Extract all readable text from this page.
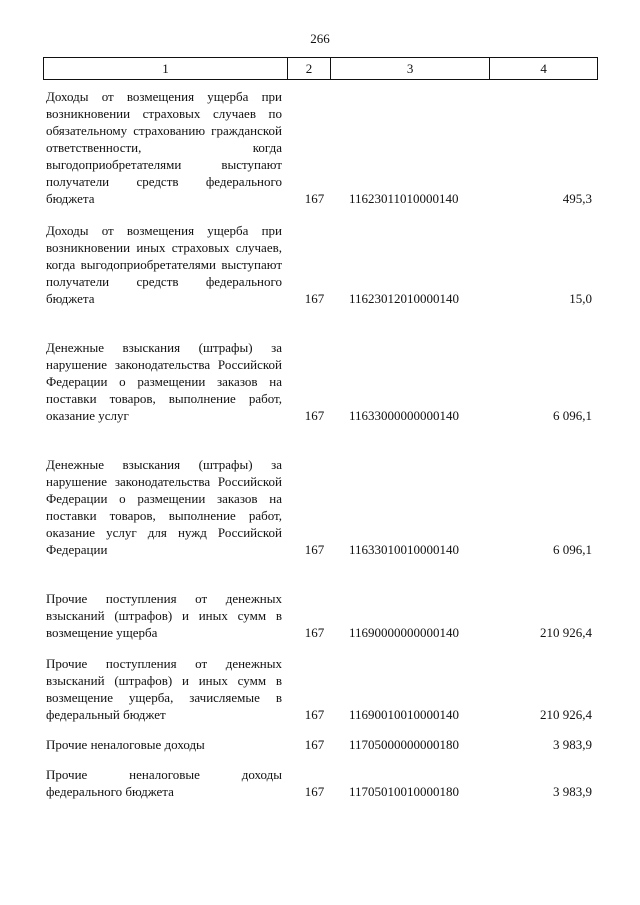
266
1	2	3	4
Доходы от возмещения ущерба при возникновении страховых случаев по обязательному страхованию гражданской ответственности, когда выгодоприобретателями выступают получатели средств федерального бюджета	167	11623011010000140	495,3
Доходы от возмещения ущерба при возникновении иных страховых случаев, когда выгодоприобретателями выступают получатели средств федерального бюджета	167	11623012010000140	15,0
Денежные взыскания (штрафы) за нарушение законодательства Российской Федерации о размещении заказов на поставки товаров, выполнение работ, оказание услуг	167	11633000000000140	6 096,1
Денежные взыскания (штрафы) за нарушение законодательства Российской Федерации о размещении заказов на поставки товаров, выполнение работ, оказание услуг для нужд Российской Федерации	167	11633010010000140	6 096,1
Прочие поступления от денежных взысканий (штрафов) и иных сумм в возмещение ущерба	167	11690000000000140	210 926,4
Прочие поступления от денежных взысканий (штрафов) и иных сумм в возмещение ущерба, зачисляемые в федеральный бюджет	167	11690010010000140	210 926,4
Прочие неналоговые доходы	167	11705000000000180	3 983,9
Прочие неналоговые доходы федерального бюджета	167	11705010010000180	3 983,9
